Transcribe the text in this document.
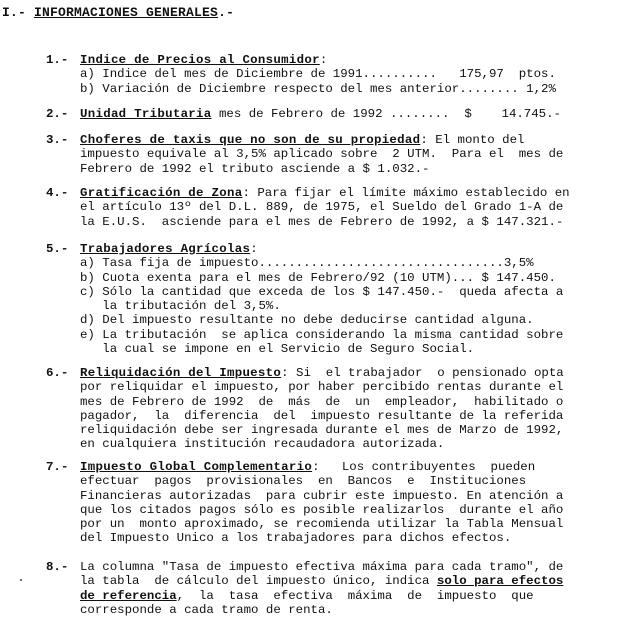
I.- INFORMACIONES GENERALES.-
1.- Indice de Precios al Consumidor:
a) Indice del mes de Diciembre de 1991..........   175,97  ptos.
b) Variación de Diciembre respecto del mes anterior........ 1,2%
2.- Unidad Tributaria mes de Febrero de 1992 ........  $    14.745.-
3.- Choferes de taxis que no son de su propiedad: El monto del
impuesto equivale al 3,5% aplicado sobre  2 UTM.  Para el  mes de
Febrero de 1992 el tributo asciende a $ 1.032.-
4.- Gratificación de Zona: Para fijar el límite máximo establecido en
el artículo 13º del D.L. 889, de 1975, el Sueldo del Grado 1-A de
la E.U.S.  asciende para el mes de Febrero de 1992, a $ 147.321.-
5.- Trabajadores Agrícolas:
a) Tasa fija de impuesto.................................3,5%
b) Cuota exenta para el mes de Febrero/92 (10 UTM)... $ 147.450.
c) Sólo la cantidad que exceda de los $ 147.450.-  queda afecta a
la tributación del 3,5%.
d) Del impuesto resultante no debe deducirse cantidad alguna.
e) La tributación  se aplica considerando la misma cantidad sobre
la cual se impone en el Servicio de Seguro Social.
6.- Reliquidación del Impuesto: Si  el trabajador  o pensionado opta
por reliquidar el impuesto, por haber percibido rentas durante el
mes de Febrero de 1992  de  más  de  un  empleador,  habilitado o
pagador,  la  diferencia  del  impuesto resultante de la referida
reliquidación debe ser ingresada durante el mes de Marzo de 1992,
en cualquiera institución recaudadora autorizada.
7.- Impuesto Global Complementario:   Los contribuyentes  pueden
efectuar  pagos  provisionales  en  Bancos  e  Instituciones
Financieras autorizadas  para cubrir este impuesto. En atención a
que los citados pagos sólo es posible realizarlos  durante el año
por un  monto aproximado, se recomienda utilizar la Tabla Mensual
del Impuesto Unico a los trabajadores para dichos efectos.
8.- La columna "Tasa de impuesto efectiva máxima para cada tramo", de
la tabla  de cálculo del impuesto único, indica solo para efectos
de referencia,  la  tasa  efectiva  máxima  de  impuesto  que
corresponde a cada tramo de renta.
